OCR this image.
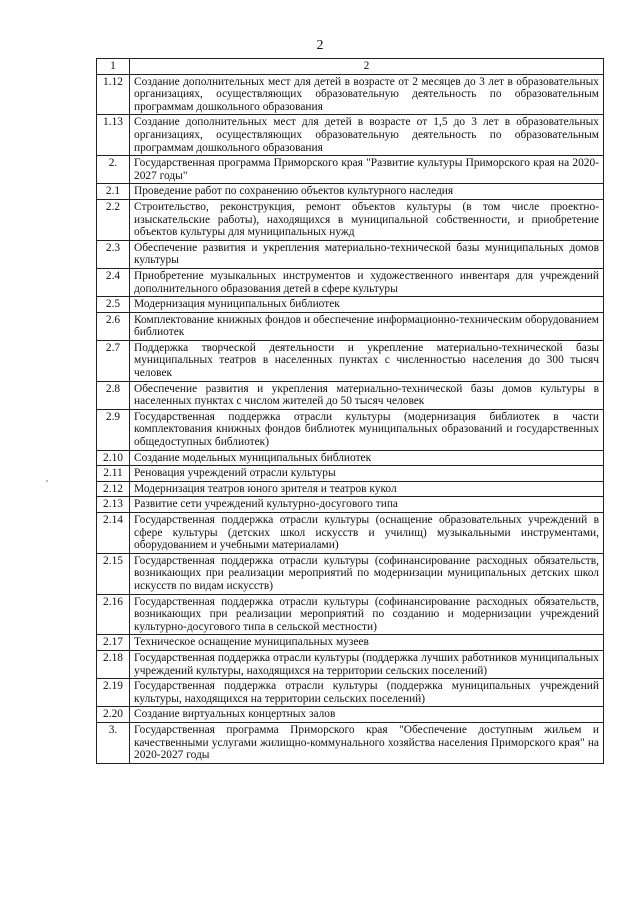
2
1	2
1.12	Создание дополнительных мест для детей в возрасте от 2 месяцев до 3 лет в образовательных организациях, осуществляющих образовательную деятельность по образовательным программам дошкольного образования
1.13	Создание дополнительных мест для детей в возрасте от 1,5 до 3 лет в образовательных организациях, осуществляющих образовательную деятельность по образовательным программам дошкольного образования
2.	Государственная программа Приморского края "Развитие культуры Приморского края на 2020-2027 годы"
2.1	Проведение работ по сохранению объектов культурного наследия
2.2	Строительство, реконструкция, ремонт объектов культуры (в том числе проектно-изыскательские работы), находящихся в муниципальной собственности, и приобретение объектов культуры для муниципальных нужд
2.3	Обеспечение развития и укрепления материально-технической базы муниципальных домов культуры
2.4	Приобретение музыкальных инструментов и художественного инвентаря для учреждений дополнительного образования детей в сфере культуры
2.5	Модернизация муниципальных библиотек
2.6	Комплектование книжных фондов и обеспечение информационно-техническим оборудованием библиотек
2.7	Поддержка творческой деятельности и укрепление материально-технической базы муниципальных театров в населенных пунктах с численностью населения до 300 тысяч человек
2.8	Обеспечение развития и укрепления материально-технической базы домов культуры в населенных пунктах с числом жителей до 50 тысяч человек
2.9	Государственная поддержка отрасли культуры (модернизация библиотек в части комплектования книжных фондов библиотек муниципальных образований и государственных общедоступных библиотек)
2.10	Создание модельных муниципальных библиотек
2.11	Реновация учреждений отрасли культуры
2.12	Модернизация театров юного зрителя и театров кукол
2.13	Развитие сети учреждений культурно-досугового типа
2.14	Государственная поддержка отрасли культуры (оснащение образовательных учреждений в сфере культуры (детских школ искусств и училищ) музыкальными инструментами, оборудованием и учебными материалами)
2.15	Государственная поддержка отрасли культуры (софинансирование расходных обязательств, возникающих при реализации мероприятий по модернизации муниципальных детских школ искусств по видам искусств)
2.16	Государственная поддержка отрасли культуры (софинансирование расходных обязательств, возникающих при реализации мероприятий по созданию и модернизации учреждений культурно-досугового типа в сельской местности)
2.17	Техническое оснащение муниципальных музеев
2.18	Государственная поддержка отрасли культуры (поддержка лучших работников муниципальных учреждений культуры, находящихся на территории сельских поселений)
2.19	Государственная поддержка отрасли культуры (поддержка муниципальных учреждений культуры, находящихся на территории сельских поселений)
2.20	Создание виртуальных концертных залов
3.	Государственная программа Приморского края "Обеспечение доступным жильем и качественными услугами жилищно-коммунального хозяйства населения Приморского края" на 2020-2027 годы
